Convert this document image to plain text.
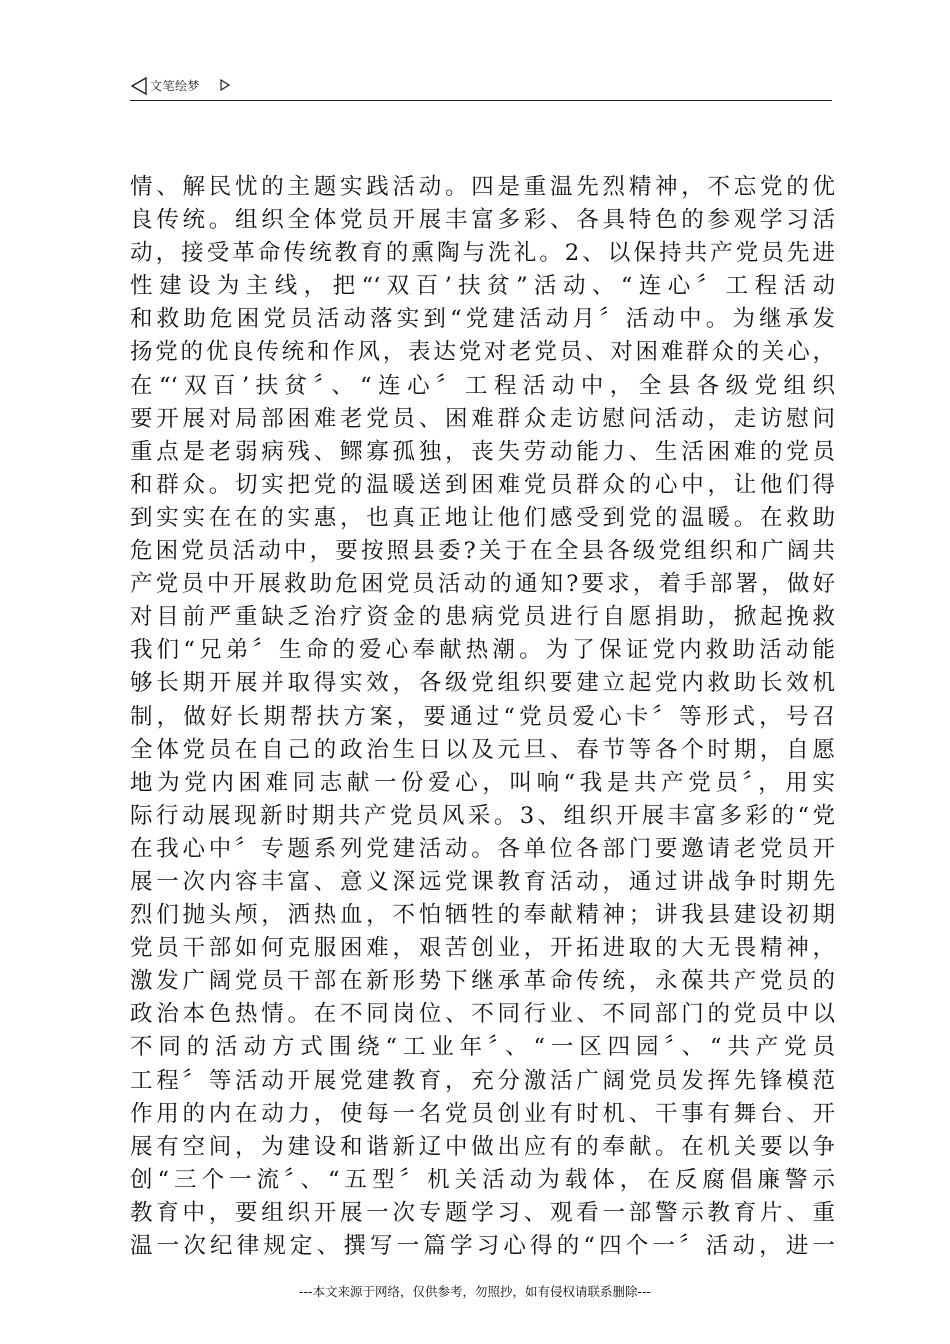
文笔绘梦
情、解民忧的主题实践活动。四是重温先烈精神，不忘党的优
良传统。组织全体党员开展丰富多彩、各具特色的参观学习活
动，接受革命传统教育的熏陶与洗礼。2、以保持共产党员先进
性建设为主线，把“‘双百’扶贫”活动、“连心〞工程活动
和救助危困党员活动落实到“党建活动月〞活动中。为继承发
扬党的优良传统和作风，表达党对老党员、对困难群众的关心，
在“‘双百’扶贫〞、“连心〞工程活动中，全县各级党组织
要开展对局部困难老党员、困难群众走访慰问活动，走访慰问
重点是老弱病残、鳏寡孤独，丧失劳动能力、生活困难的党员
和群众。切实把党的温暖送到困难党员群众的心中，让他们得
到实实在在的实惠，也真正地让他们感受到党的温暖。在救助
危困党员活动中，要按照县委?关于在全县各级党组织和广阔共
产党员中开展救助危困党员活动的通知?要求，着手部署，做好
对目前严重缺乏治疗资金的患病党员进行自愿捐助，掀起挽救
我们“兄弟〞生命的爱心奉献热潮。为了保证党内救助活动能
够长期开展并取得实效，各级党组织要建立起党内救助长效机
制，做好长期帮扶方案，要通过“党员爱心卡〞等形式，号召
全体党员在自己的政治生日以及元旦、春节等各个时期，自愿
地为党内困难同志献一份爱心，叫响“我是共产党员〞，用实
际行动展现新时期共产党员风采。3、组织开展丰富多彩的“党
在我心中〞专题系列党建活动。各单位各部门要邀请老党员开
展一次内容丰富、意义深远党课教育活动，通过讲战争时期先
烈们抛头颅，洒热血，不怕牺牲的奉献精神；讲我县建设初期
党员干部如何克服困难，艰苦创业，开拓进取的大无畏精神，
激发广阔党员干部在新形势下继承革命传统，永葆共产党员的
政治本色热情。在不同岗位、不同行业、不同部门的党员中以
不同的活动方式围绕“工业年〞、“一区四园〞、“共产党员
工程〞等活动开展党建教育，充分激活广阔党员发挥先锋模范
作用的内在动力，使每一名党员创业有时机、干事有舞台、开
展有空间，为建设和谐新辽中做出应有的奉献。在机关要以争
创“三个一流〞、“五型〞机关活动为载体，在反腐倡廉警示
教育中，要组织开展一次专题学习、观看一部警示教育片、重
温一次纪律规定、撰写一篇学习心得的“四个一〞活动，进一
---本文来源于网络，仅供参考，勿照抄，如有侵权请联系删除---
